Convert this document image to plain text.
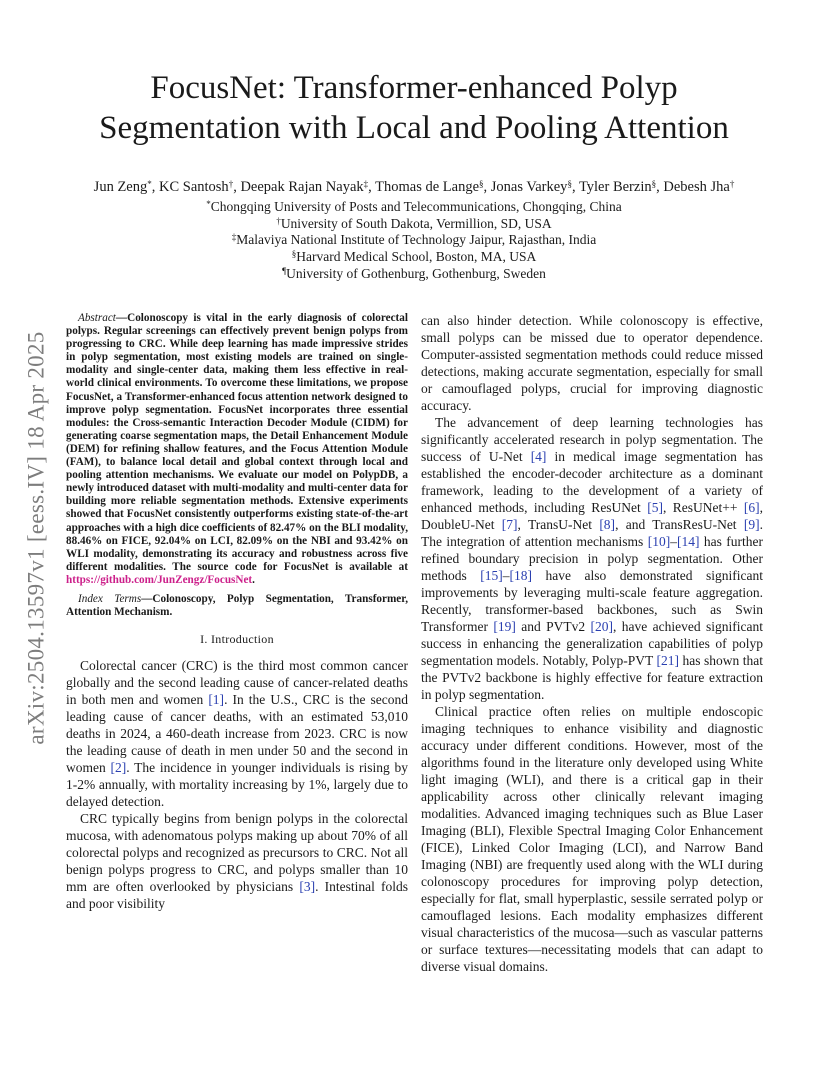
arXiv:2504.13597v1 [eess.IV] 18 Apr 2025
FocusNet: Transformer-enhanced Polyp
Segmentation with Local and Pooling Attention
Jun Zeng*, KC Santosh†, Deepak Rajan Nayak‡, Thomas de Lange§, Jonas Varkey§, Tyler Berzin§, Debesh Jha†
*Chongqing University of Posts and Telecommunications, Chongqing, China
†University of South Dakota, Vermillion, SD, USA
‡Malaviya National Institute of Technology Jaipur, Rajasthan, India
§Harvard Medical School, Boston, MA, USA
¶University of Gothenburg, Gothenburg, Sweden

Abstract—Colonoscopy is vital in the early diagnosis of colorectal polyps. Regular screenings can effectively prevent benign polyps from progressing to CRC. While deep learning has made impressive strides in polyp segmentation, most existing models are trained on single-modality and single-center data, making them less effective in real-world clinical environments. To overcome these limitations, we propose FocusNet, a Transformer-enhanced focus attention network designed to improve polyp segmentation. FocusNet incorporates three essential modules: the Cross-semantic Interaction Decoder Module (CIDM) for generating coarse segmentation maps, the Detail Enhancement Module (DEM) for refining shallow features, and the Focus Attention Module (FAM), to balance local detail and global context through local and pooling attention mechanisms. We evaluate our model on PolypDB, a newly introduced dataset with multi-modality and multi-center data for building more reliable segmentation methods. Extensive experiments showed that FocusNet consistently outperforms existing state-of-the-art approaches with a high dice coefficients of 82.47% on the BLI modality, 88.46% on FICE, 92.04% on LCI, 82.09% on the NBI and 93.42% on WLI modality, demonstrating its accuracy and robustness across five different modalities. The source code for FocusNet is available at https://github.com/JunZengz/FocusNet.

Index Terms—Colonoscopy, Polyp Segmentation, Transformer, Attention Mechanism.

I. Introduction

Colorectal cancer (CRC) is the third most common cancer globally and the second leading cause of cancer-related deaths in both men and women [1]. In the U.S., CRC is the second leading cause of cancer deaths, with an estimated 53,010 deaths in 2024, a 460-death increase from 2023. CRC is now the leading cause of death in men under 50 and the second in women [2]. The incidence in younger individuals is rising by 1-2% annually, with mortality increasing by 1%, largely due to delayed detection.

CRC typically begins from benign polyps in the colorectal mucosa, with adenomatous polyps making up about 70% of all colorectal polyps and recognized as precursors to CRC. Not all benign polyps progress to CRC, and polyps smaller than 10 mm are often overlooked by physicians [3]. Intestinal folds and poor visibility

can also hinder detection. While colonoscopy is effective, small polyps can be missed due to operator dependence. Computer-assisted segmentation methods could reduce missed detections, making accurate segmentation, especially for small or camouflaged polyps, crucial for improving diagnostic accuracy.

The advancement of deep learning technologies has significantly accelerated research in polyp segmentation. The success of U-Net [4] in medical image segmentation has established the encoder-decoder architecture as a dominant framework, leading to the development of a variety of enhanced methods, including ResUNet [5], ResUNet++ [6], DoubleU-Net [7], TransU-Net [8], and TransResU-Net [9]. The integration of attention mechanisms [10]–[14] has further refined boundary precision in polyp segmentation. Other methods [15]–[18] have also demonstrated significant improvements by leveraging multi-scale feature aggregation. Recently, transformer-based backbones, such as Swin Transformer [19] and PVTv2 [20], have achieved significant success in enhancing the generalization capabilities of polyp segmentation models. Notably, Polyp-PVT [21] has shown that the PVTv2 backbone is highly effective for feature extraction in polyp segmentation.

Clinical practice often relies on multiple endoscopic imaging techniques to enhance visibility and diagnostic accuracy under different conditions. However, most of the algorithms found in the literature only developed using White light imaging (WLI), and there is a critical gap in their applicability across other clinically relevant imaging modalities. Advanced imaging techniques such as Blue Laser Imaging (BLI), Flexible Spectral Imaging Color Enhancement (FICE), Linked Color Imaging (LCI), and Narrow Band Imaging (NBI) are frequently used along with the WLI during colonoscopy procedures for improving polyp detection, especially for flat, small hyperplastic, sessile serrated polyp or camouflaged lesions. Each modality emphasizes different visual characteristics of the mucosa—such as vascular patterns or surface textures—necessitating models that can adapt to diverse visual domains.
